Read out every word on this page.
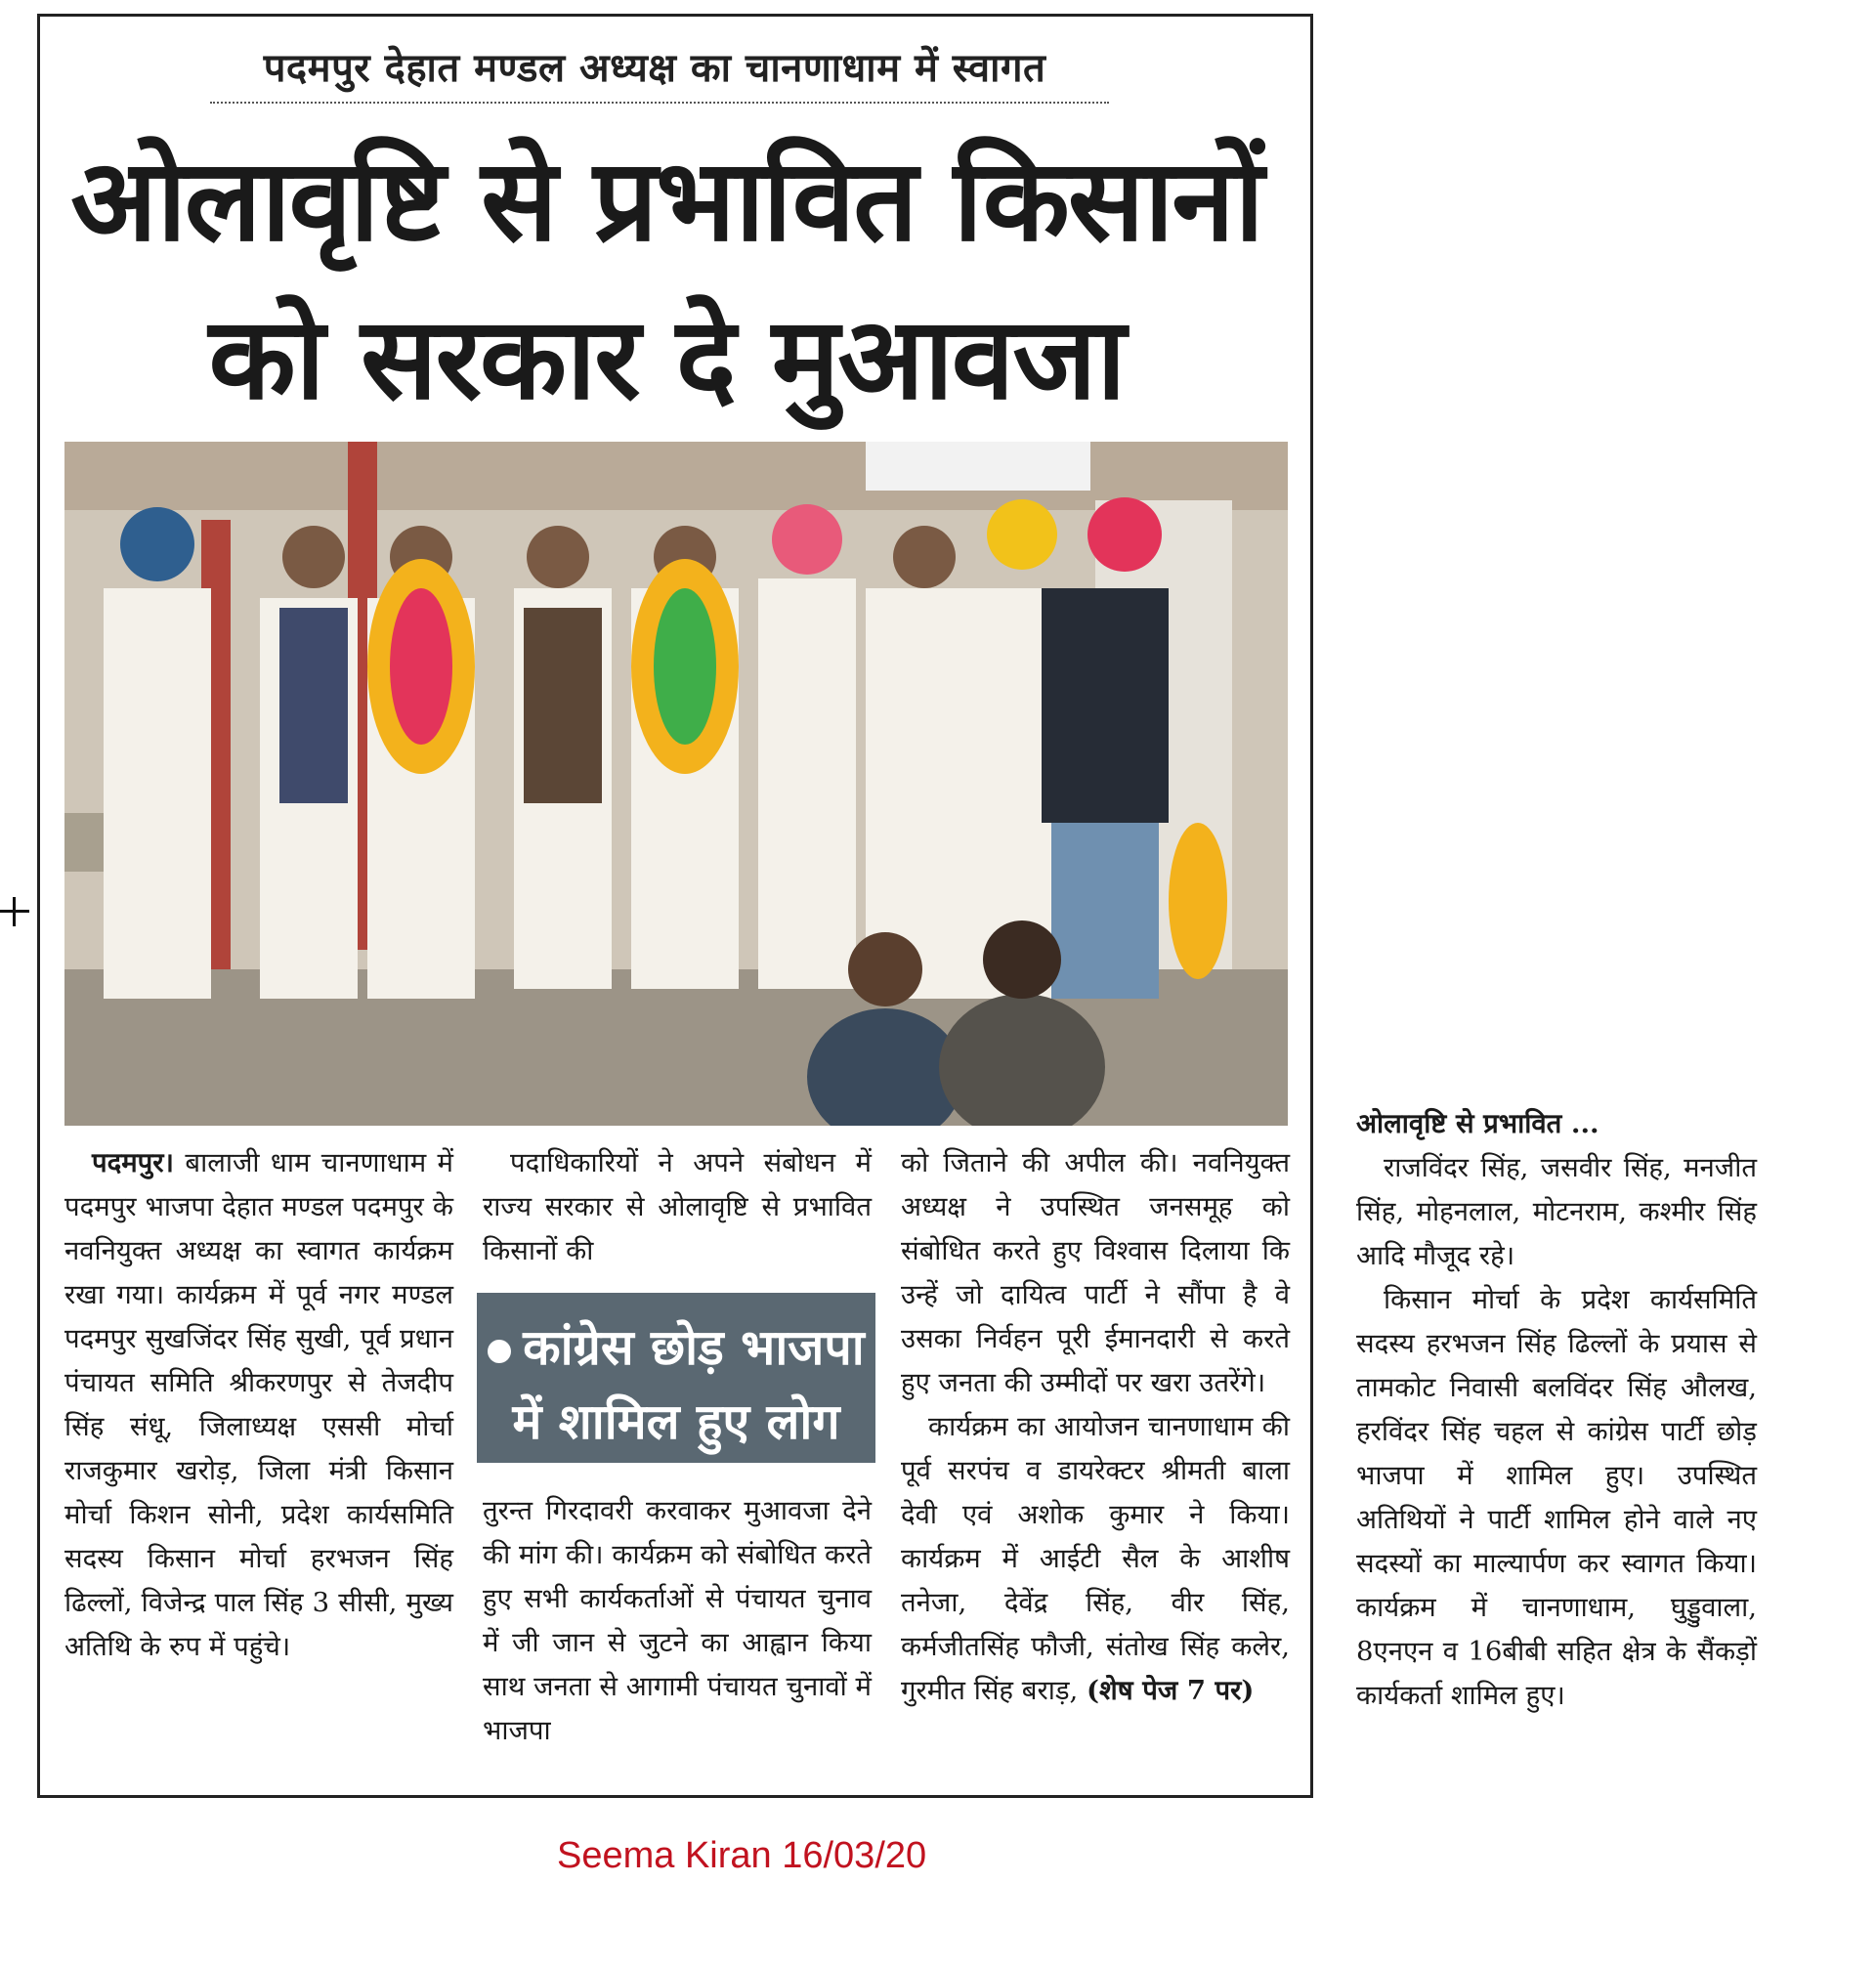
पदमपुर देहात मण्डल अध्यक्ष का चानणाधाम में स्वागत
ओलावृष्टि से प्रभावित किसानों
को सरकार दे मुआवजा

पदमपुर। बालाजी धाम चानणाधाम में पदमपुर भाजपा देहात मण्डल पदमपुर के नवनियुक्त अध्यक्ष का स्वागत कार्यक्रम रखा गया। कार्यक्रम में पूर्व नगर मण्डल पदमपुर सुखजिंदर सिंह सुखी, पूर्व प्रधान पंचायत समिति श्रीकरणपुर से तेजदीप सिंह संधू, जिलाध्यक्ष एससी मोर्चा राजकुमार खरोड़, जिला मंत्री किसान मोर्चा किशन सोनी, प्रदेश कार्यसमिति सदस्य किसान मोर्चा हरभजन सिंह ढिल्लों, विजेन्द्र पाल सिंह 3 सीसी, मुख्य अतिथि के रुप में पहुंचे।

पदाधिकारियों ने अपने संबोधन में राज्य सरकार से ओलावृष्टि से प्रभावित किसानों की

कांग्रेस छोड़ भाजपा
में शामिल हुए लोग

तुरन्त गिरदावरी करवाकर मुआवजा देने की मांग की। कार्यक्रम को संबोधित करते हुए सभी कार्यकर्ताओं से पंचायत चुनाव में जी जान से जुटने का आह्वान किया साथ जनता से आगामी पंचायत चुनावों में भाजपा

को जिताने की अपील की। नवनियुक्त अध्यक्ष ने उपस्थित जनसमूह को संबोधित करते हुए विश्वास दिलाया कि उन्हें जो दायित्व पार्टी ने सौंपा है वे उसका निर्वहन पूरी ईमानदारी से करते हुए जनता की उम्मीदों पर खरा उतरेंगे।

कार्यक्रम का आयोजन चानणाधाम की पूर्व सरपंच व डायरेक्टर श्रीमती बाला देवी एवं अशोक कुमार ने किया। कार्यक्रम में आईटी सैल के आशीष तनेजा, देवेंद्र सिंह, वीर सिंह, कर्मजीतसिंह फौजी, संतोख सिंह कलेर, गुरमीत सिंह बराड़, (शेष पेज 7 पर)

ओलावृष्टि से प्रभावित ...

राजविंदर सिंह, जसवीर सिंह, मनजीत सिंह, मोहनलाल, मोटनराम, कश्मीर सिंह आदि मौजूद रहे।

किसान मोर्चा के प्रदेश कार्यसमिति सदस्य हरभजन सिंह ढिल्लों के प्रयास से तामकोट निवासी बलविंदर सिंह औलख, हरविंदर सिंह चहल से कांग्रेस पार्टी छोड़ भाजपा में शामिल हुए। उपस्थित अतिथियों ने पार्टी शामिल होने वाले नए सदस्यों का माल्यार्पण कर स्वागत किया। कार्यक्रम में चानणाधाम, घुड्डुवाला, 8एनएन व 16बीबी सहित क्षेत्र के सैंकड़ों कार्यकर्ता शामिल हुए।

Seema Kiran 16/03/20
